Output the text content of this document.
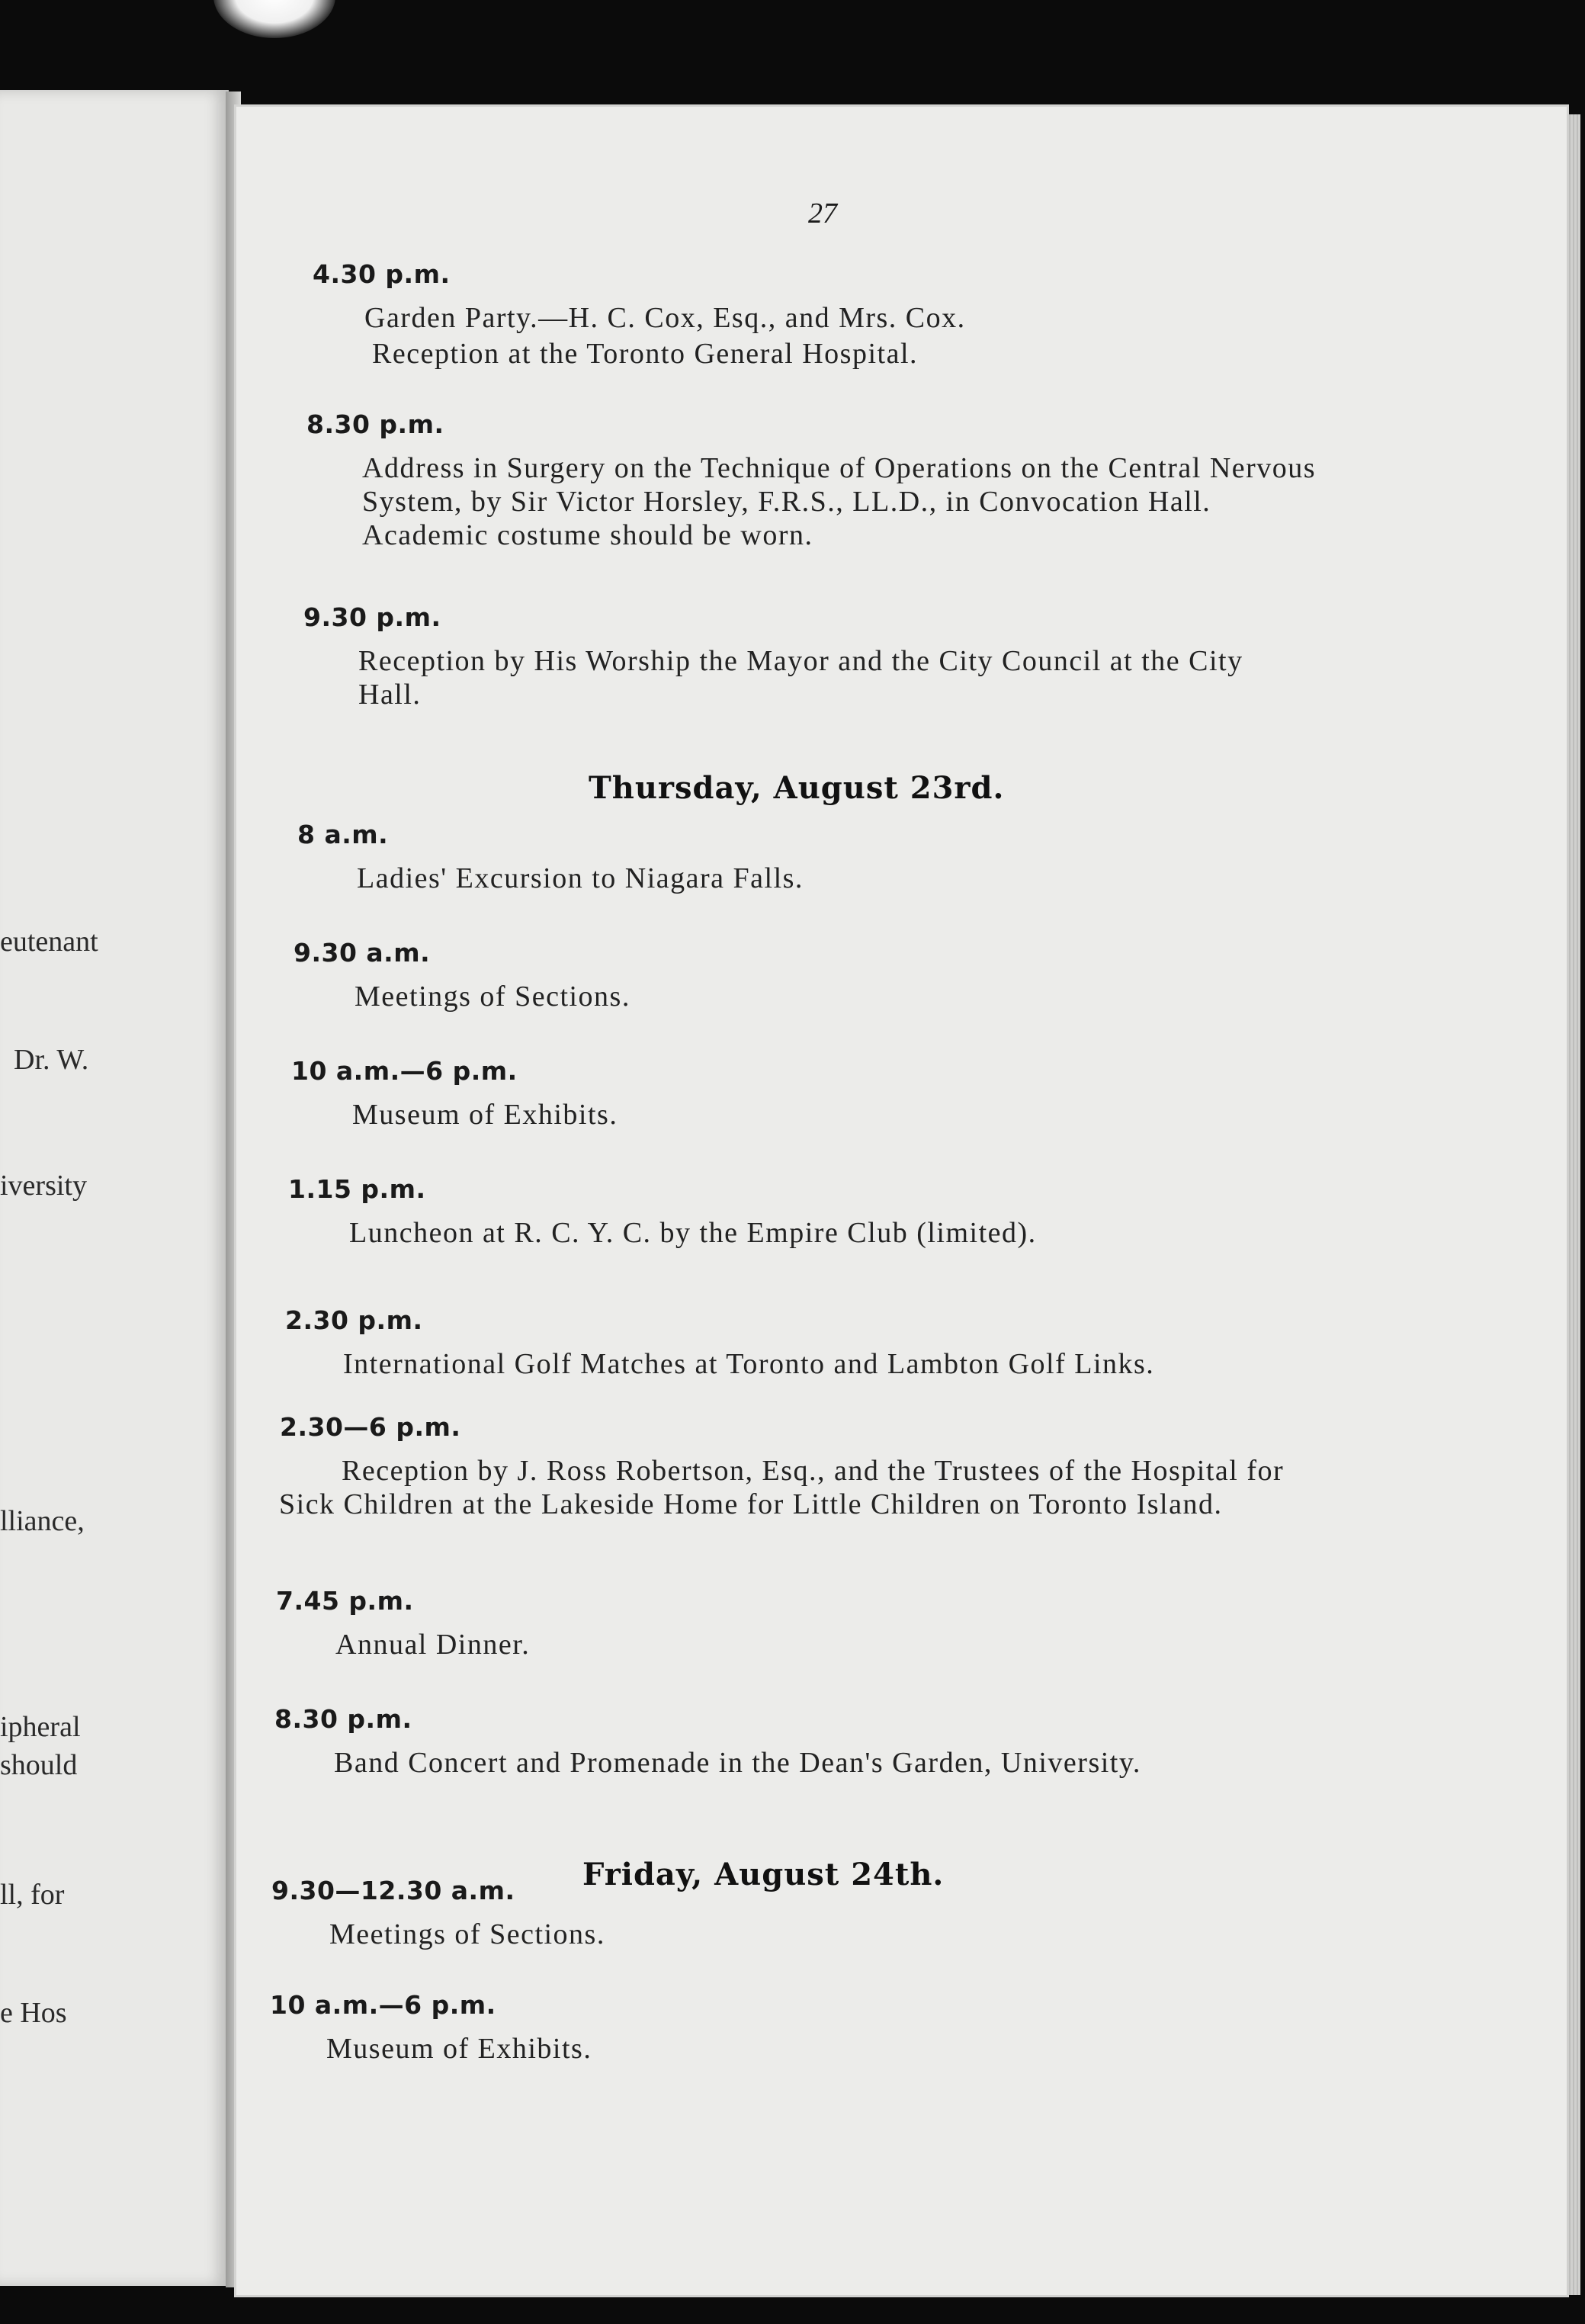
eutenant
Dr. W.
iversity
lliance,
ipheral
should
ll, for
e Hos
27
4.30 p.m.
Garden Party.—H. C. Cox, Esq., and Mrs. Cox.
Reception at the Toronto General Hospital.
8.30 p.m.
Address in Surgery on the Technique of Operations on the Central Nervous System, by Sir Victor Horsley, F.R.S., LL.D., in Convocation Hall. Academic costume should be worn.
9.30 p.m.
Reception by His Worship the Mayor and the City Council at the City Hall.
Thursday, August 23rd.
8 a.m.
Ladies' Excursion to Niagara Falls.
9.30 a.m.
Meetings of Sections.
10 a.m.—6 p.m.
Museum of Exhibits.
1.15 p.m.
Luncheon at R. C. Y. C. by the Empire Club (limited).
2.30 p.m.
International Golf Matches at Toronto and Lambton Golf Links.
2.30—6 p.m.
Reception by J. Ross Robertson, Esq., and the Trustees of the Hospital for Sick Children at the Lakeside Home for Little Children on Toronto Island.
7.45 p.m.
Annual Dinner.
8.30 p.m.
Band Concert and Promenade in the Dean's Garden, University.
Friday, August 24th.
9.30—12.30 a.m.
Meetings of Sections.
10 a.m.—6 p.m.
Museum of Exhibits.
